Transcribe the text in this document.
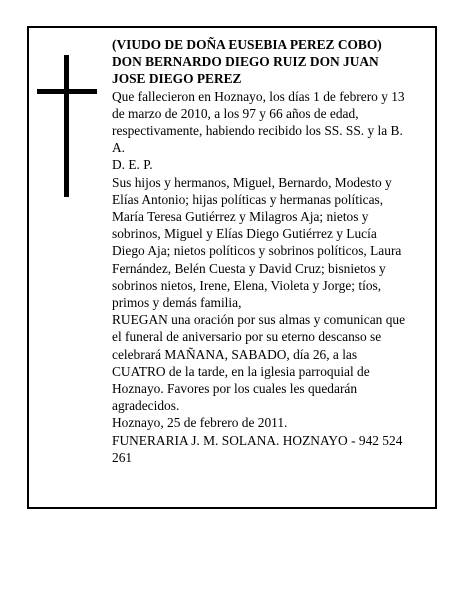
(VIUDO DE DOÑA EUSEBIA PEREZ COBO)

DON BERNARDO DIEGO RUIZ DON JUAN JOSE DIEGO PEREZ

Que fallecieron en Hoznayo, los días 1 de febrero y 13 de marzo de 2010, a los 97 y 66 años de edad, respectivamente, habiendo recibido los SS. SS. y la B. A.

D. E. P.

Sus hijos y hermanos, Miguel, Bernardo, Modesto y Elías Antonio; hijas políticas y hermanas políticas, María Teresa Gutiérrez y Milagros Aja; nietos y sobrinos, Miguel y Elías Diego Gutiérrez y Lucía Diego Aja; nietos políticos y sobrinos políticos, Laura Fernández, Belén Cuesta y David Cruz; bisnietos y sobrinos nietos, Irene, Elena, Violeta y Jorge; tíos, primos y demás familia,

RUEGAN una oración por sus almas y comunican que el funeral de aniversario por su eterno descanso se celebrará MAÑANA, SABADO, día 26, a las CUATRO de la tarde, en la iglesia parroquial de Hoznayo. Favores por los cuales les quedarán agradecidos.

Hoznayo, 25 de febrero de 2011.

FUNERARIA J. M. SOLANA. HOZNAYO - 942 524 261
